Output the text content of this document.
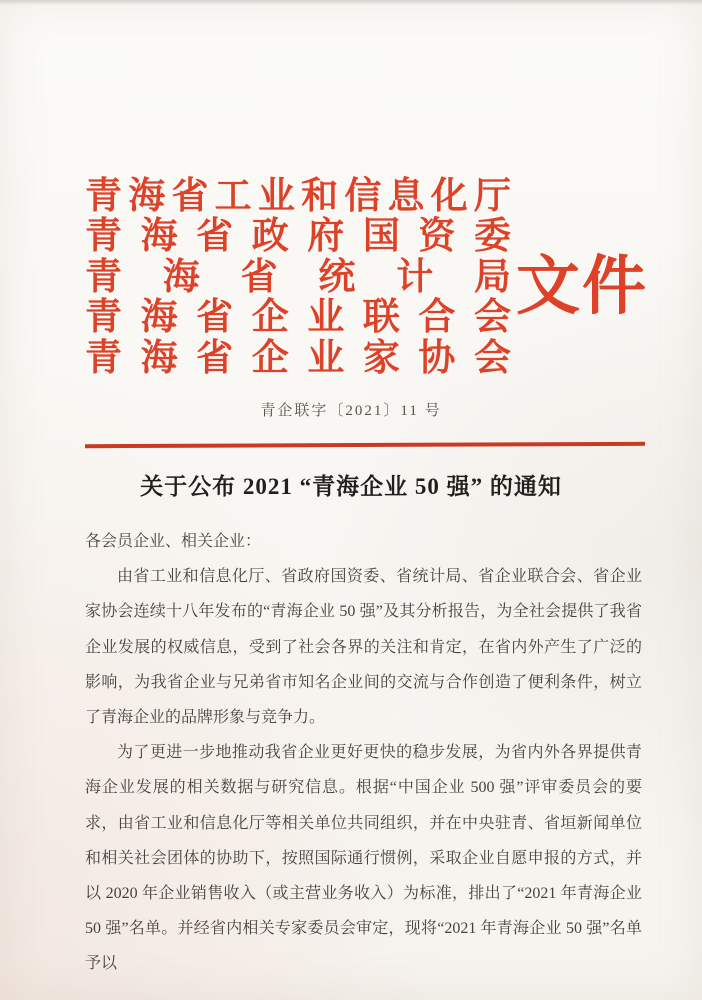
青 海 省 工 业 和 信 息 化 厅
青 海 省 政 府 国 资 委
青 海 省 统 计 局
青 海 省 企 业 联 合 会
青 海 省 企 业 家 协 会
文件
青企联字〔2021〕11 号
关于公布 2021 “青海企业 50 强” 的通知
各会员企业、相关企业：
由省工业和信息化厅、省政府国资委、省统计局、省企业联合会、省企业家协会连续十八年发布的“青海企业 50 强”及其分析报告，为全社会提供了我省企业发展的权威信息，受到了社会各界的关注和肯定，在省内外产生了广泛的影响，为我省企业与兄弟省市知名企业间的交流与合作创造了便利条件，树立了青海企业的品牌形象与竞争力。
为了更进一步地推动我省企业更好更快的稳步发展，为省内外各界提供青海企业发展的相关数据与研究信息。根据“中国企业 500 强”评审委员会的要求，由省工业和信息化厅等相关单位共同组织，并在中央驻青、省垣新闻单位和相关社会团体的协助下，按照国际通行惯例，采取企业自愿申报的方式，并以 2020 年企业销售收入（或主营业务收入）为标准，排出了“2021 年青海企业 50 强”名单。并经省内相关专家委员会审定，现将“2021 年青海企业 50 强”名单予以
